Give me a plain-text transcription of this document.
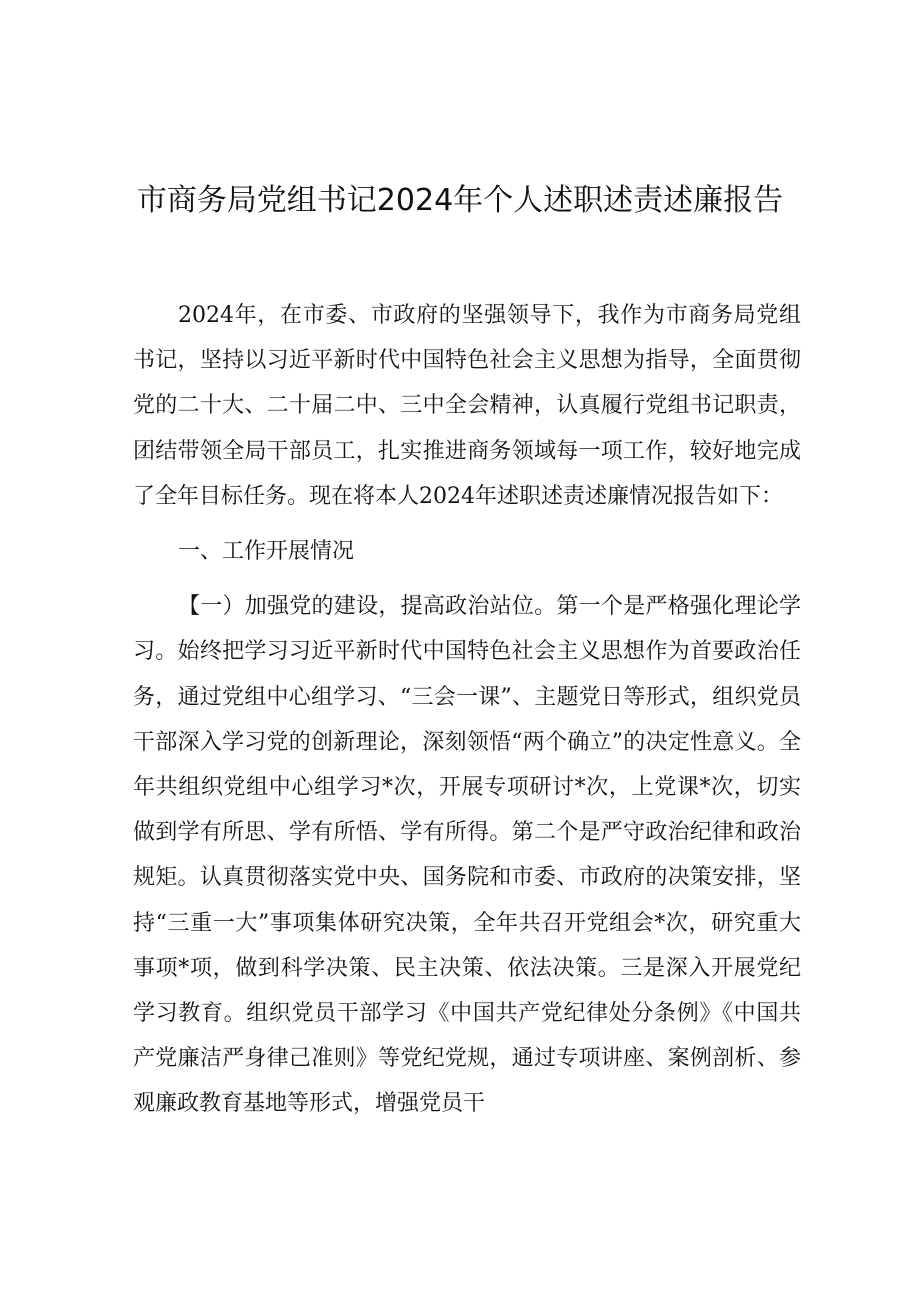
市商务局党组书记2024年个人述职述责述廉报告

2024年，在市委、市政府的坚强领导下，我作为市商务局党组书记，坚持以习近平新时代中国特色社会主义思想为指导，全面贯彻党的二十大、二十届二中、三中全会精神，认真履行党组书记职责，团结带领全局干部员工，扎实推进商务领域每一项工作，较好地完成了全年目标任务。现在将本人2024年述职述责述廉情况报告如下：

一、工作开展情况

【一）加强党的建设，提高政治站位。第一个是严格强化理论学习。始终把学习习近平新时代中国特色社会主义思想作为首要政治任务，通过党组中心组学习、“三会一课”、主题党日等形式，组织党员干部深入学习党的创新理论，深刻领悟“两个确立”的决定性意义。全年共组织党组中心组学习*次，开展专项研讨*次，上党课*次，切实做到学有所思、学有所悟、学有所得。第二个是严守政治纪律和政治规矩。认真贯彻落实党中央、国务院和市委、市政府的决策安排，坚持“三重一大”事项集体研究决策，全年共召开党组会*次，研究重大事项*项，做到科学决策、民主决策、依法决策。三是深入开展党纪学习教育。组织党员干部学习《中国共产党纪律处分条例》《中国共产党廉洁严身律己准则》等党纪党规，通过专项讲座、案例剖析、参观廉政教育基地等形式，增强党员干
